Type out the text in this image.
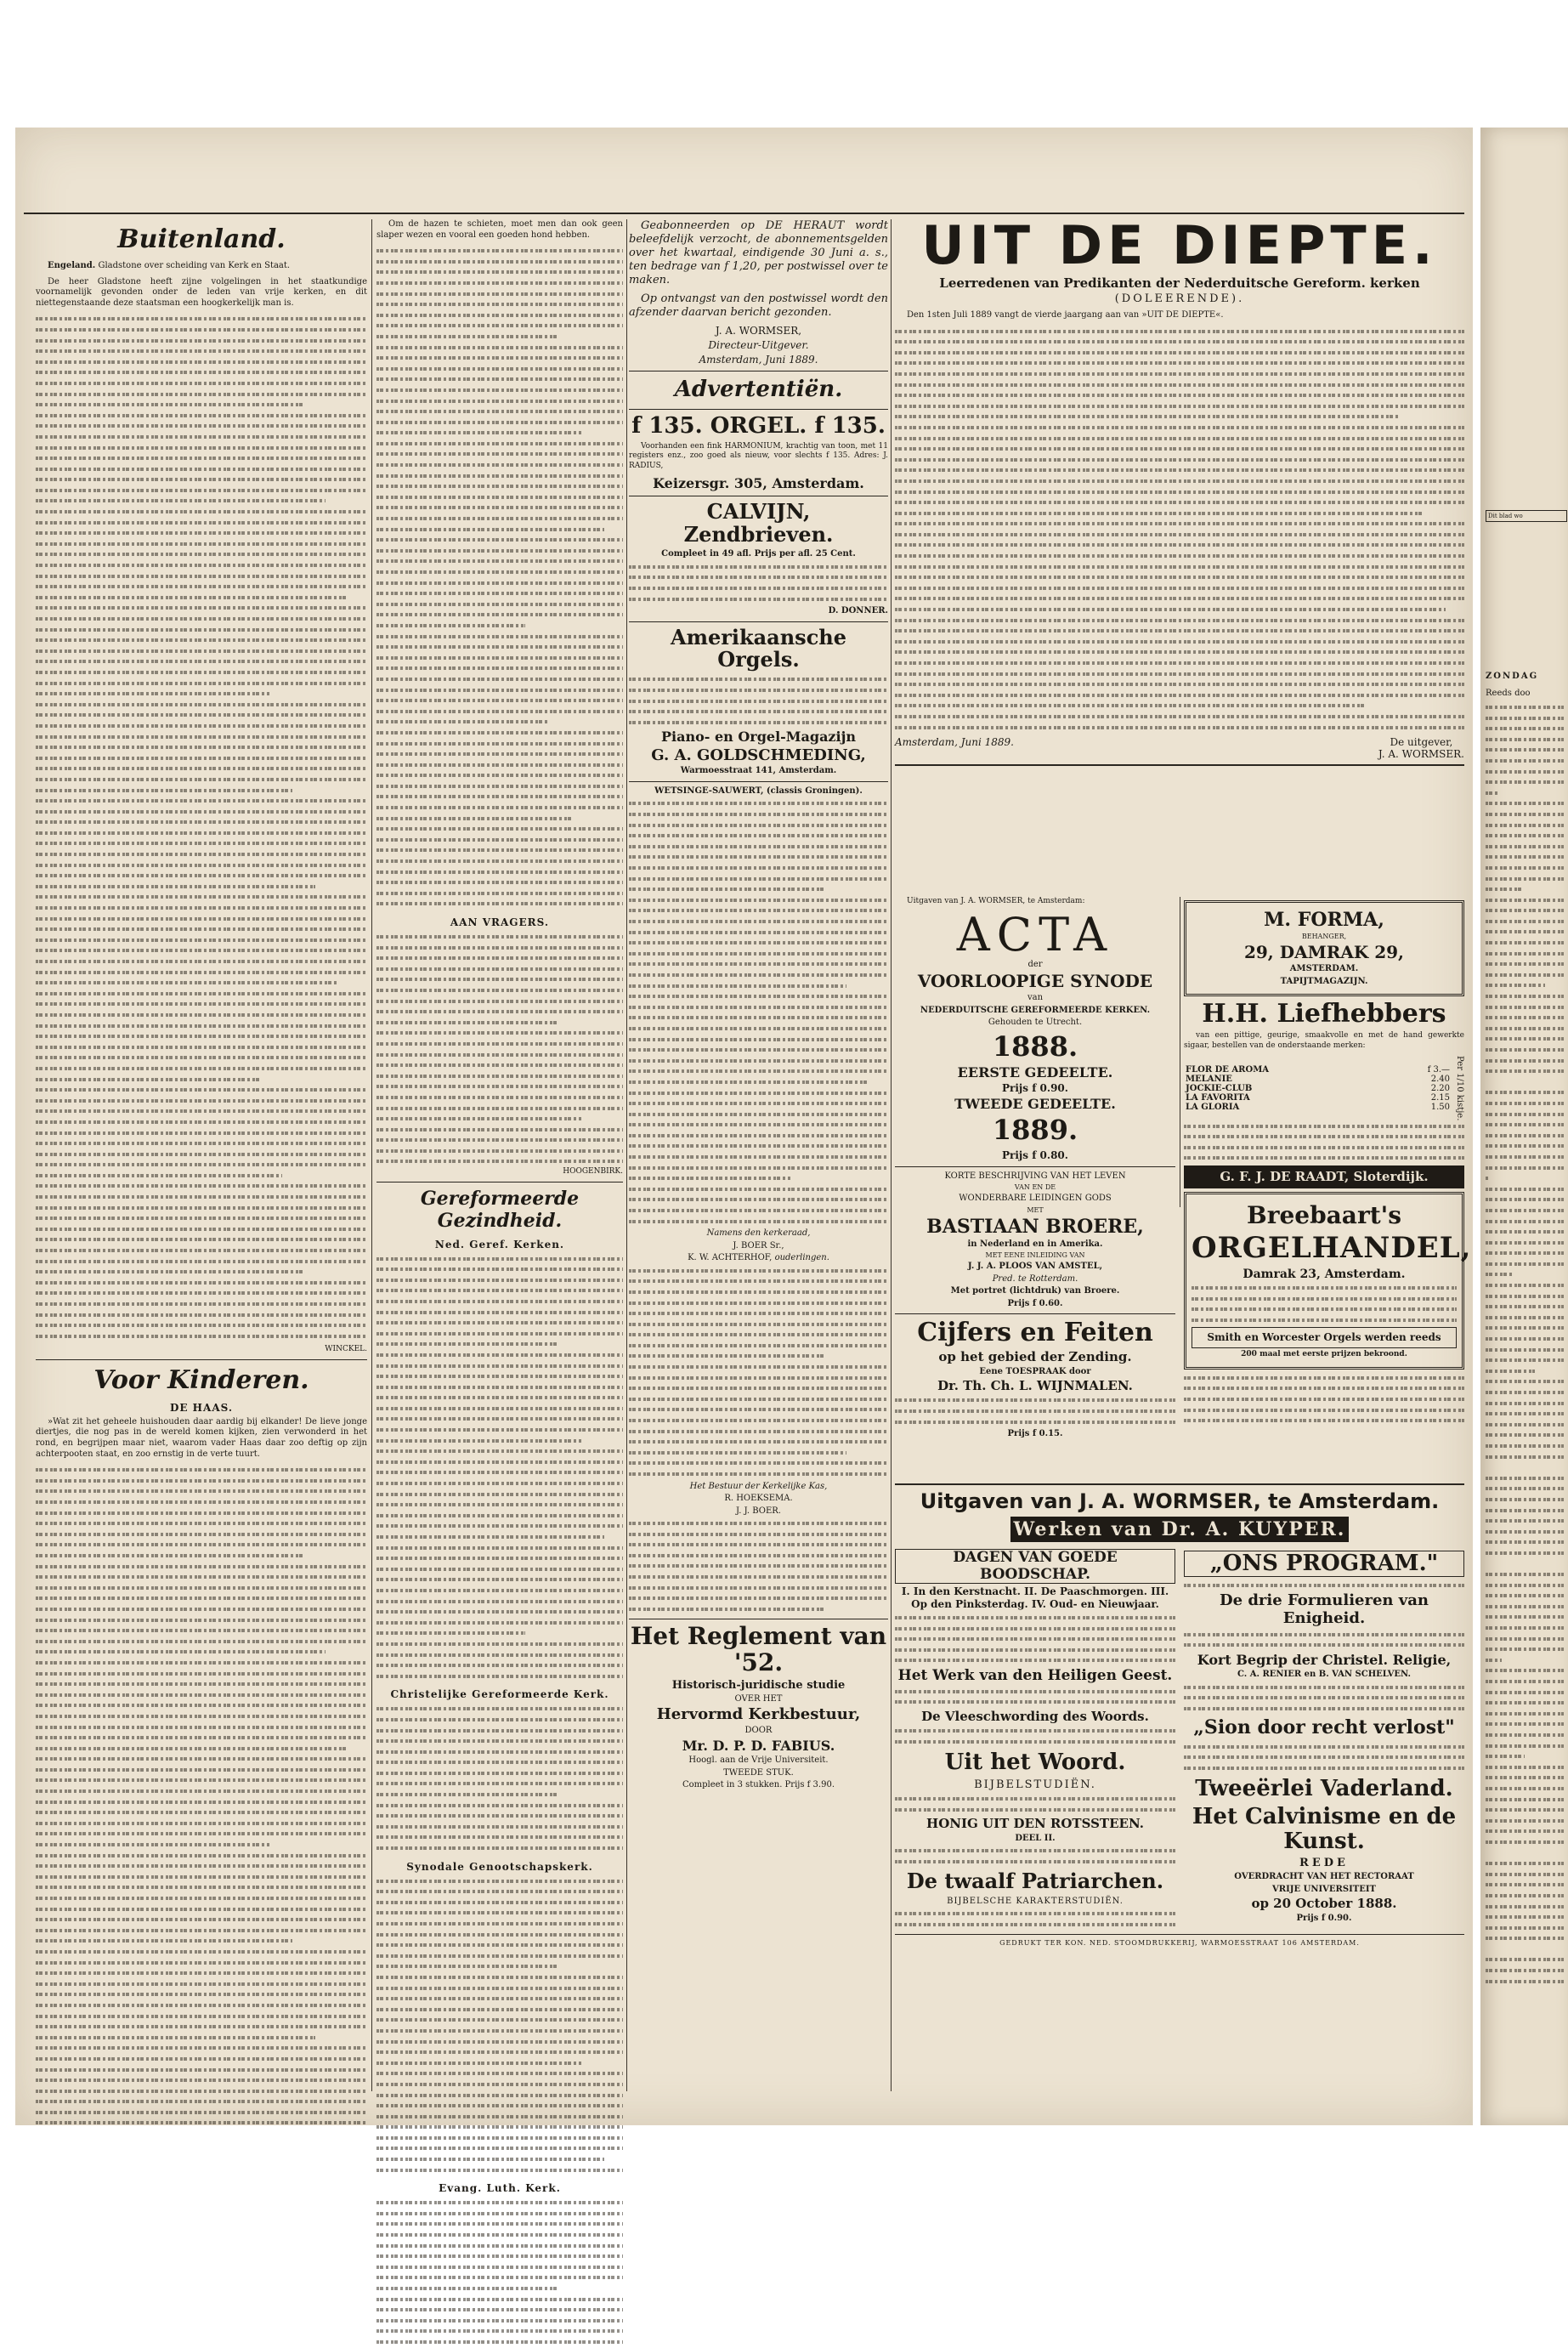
Buitenland.

Engeland. Gladstone over scheiding van Kerk en Staat.

De heer Gladstone heeft zijne volgelingen in het staatkundige voornamelijk gevonden onder de leden van vrije kerken, en dit niettegenstaande deze staatsman een hoogkerkelijk man is.

WINCKEL.
Voor Kinderen.
DE HAAS.

»Wat zit het geheele huishouden daar aardig bij elkander! De lieve jonge diertjes, die nog pas in de wereld komen kijken, zien verwonderd in het rond, en begrijpen maar niet, waarom vader Haas daar zoo deftig op zijn achterpooten staat, en zoo ernstig in de verte tuurt.

Om de hazen te schieten, moet men dan ook geen slaper wezen en vooral een goeden hond hebben.

AAN VRAGERS.
HOOGENBIRK.
Gereformeerde Gezindheid.
Ned. Geref. Kerken.
Christelijke Gereformeerde Kerk.
Synodale Genootschapskerk.
Evang. Luth. Kerk.

Geabonneerden op DE HERAUT wordt beleefdelijk verzocht, de abonnementsgelden over het kwartaal, eindigende 30 Juni a. s., ten bedrage van f 1,20, per postwissel over te maken.

Op ontvangst van den postwissel wordt den afzender daarvan bericht gezonden.

J. A. WORMSER,
Directeur-Uitgever.
Amsterdam, Juni 1889.
Advertentiën.
f 135. ORGEL. f 135.

Voorhanden een fink HARMONIUM, krachtig van toon, met 11 registers enz., zoo goed als nieuw, voor slechts f 135. Adres: J. RADIUS,

Keizersgr. 305, Amsterdam.
CALVIJN, Zendbrieven.
Compleet in 49 afl. Prijs per afl. 25 Cent.
D. DONNER.
Amerikaansche Orgels.
Piano- en Orgel-Magazijn
G. A. GOLDSCHMEDING,
Warmoesstraat 141, Amsterdam.
WETSINGE-SAUWERT, (classis Groningen).
Namens den kerkeraad,
J. BOER Sr.,
K. W. ACHTERHOF, ouderlingen.
Het Bestuur der Kerkelijke Kas,
R. HOEKSEMA.
J. J. BOER.
Het Reglement van '52.
Historisch-juridische studie
OVER HET
Hervormd Kerkbestuur,
DOOR
Mr. D. P. D. FABIUS.
Hoogl. aan de Vrije Universiteit.
TWEEDE STUK.
Compleet in 3 stukken. Prijs f 3.90.
UIT DE DIEPTE.
Leerredenen van Predikanten der Nederduitsche Gereform. kerken
(DOLEERENDE).

Den 1sten Juli 1889 vangt de vierde jaargang aan van »UIT DE DIEPTE«.

Amsterdam, Juni 1889.	De uitgever,
J. A. WORMSER.

Uitgaven van J. A. WORMSER, te Amsterdam:

ACTA
der
VOORLOOPIGE SYNODE
van
NEDERDUITSCHE GEREFORMEERDE KERKEN.
Gehouden te Utrecht.
1888.
EERSTE GEDEELTE.
Prijs f 0.90.
TWEEDE GEDEELTE.
1889.
Prijs f 0.80.
KORTE BESCHRIJVING VAN HET LEVEN
VAN EN DE
WONDERBARE LEIDINGEN GODS
MET
BASTIAAN BROERE,
in Nederland en in Amerika.
MET EENE INLEIDING VAN
J. J. A. PLOOS VAN AMSTEL,
Pred. te Rotterdam.
Met portret (lichtdruk) van Broere.
Prijs f 0.60.
Cijfers en Feiten
op het gebied der Zending.
Eene TOESPRAAK door
Dr. Th. Ch. L. WIJNMALEN.
Prijs f 0.15.
M. FORMA,
BEHANGER,
29, DAMRAK 29,
AMSTERDAM.
TAPIJTMAGAZIJN.
H.H. Liefhebbers

van een pittige, geurige, smaakvolle en met de hand gewerkte sigaar, bestellen van de onderstaande merken:

FLOR DE AROMA	f 3.—
MELANIE	2.40
JOCKIE-CLUB	2.20
LA FAVORITA	2.15
LA GLORIA	1.50 Per 1/10 kistje.
G. F. J. DE RAADT, Sloterdijk.
Breebaart's
ORGELHANDEL,
Damrak 23, Amsterdam.
Smith en Worcester Orgels werden reeds
200 maal met eerste prijzen bekroond.
Uitgaven van J. A. WORMSER, te Amsterdam.
Werken van Dr. A. KUYPER.
DAGEN VAN GOEDE BOODSCHAP.
I. In den Kerstnacht. II. De Paaschmorgen. III. Op den Pinksterdag. IV. Oud- en Nieuwjaar.
Het Werk van den Heiligen Geest.
De Vleeschwording des Woords.
Uit het Woord.
BIJBELSTUDIËN.
HONIG UIT DEN ROTSSTEEN.
DEEL II.
De twaalf Patriarchen.
BIJBELSCHE KARAKTERSTUDIËN.
„ONS PROGRAM."
De drie Formulieren van Enigheid.
Kort Begrip der Christel. Religie,
C. A. RENIER en B. VAN SCHELVEN.
„Sion door recht verlost"
Tweeërlei Vaderland.
Het Calvinisme en de Kunst.
REDE
OVERDRACHT VAN HET RECTORAAT
VRIJE UNIVERSITEIT
op 20 October 1888.
Prijs f 0.90.
GEDRUKT TER KON. NED. STOOMDRUKKERIJ, WARMOESSTRAAT 106 AMSTERDAM.
Dit blad wo
ZONDAG
Reeds doo
